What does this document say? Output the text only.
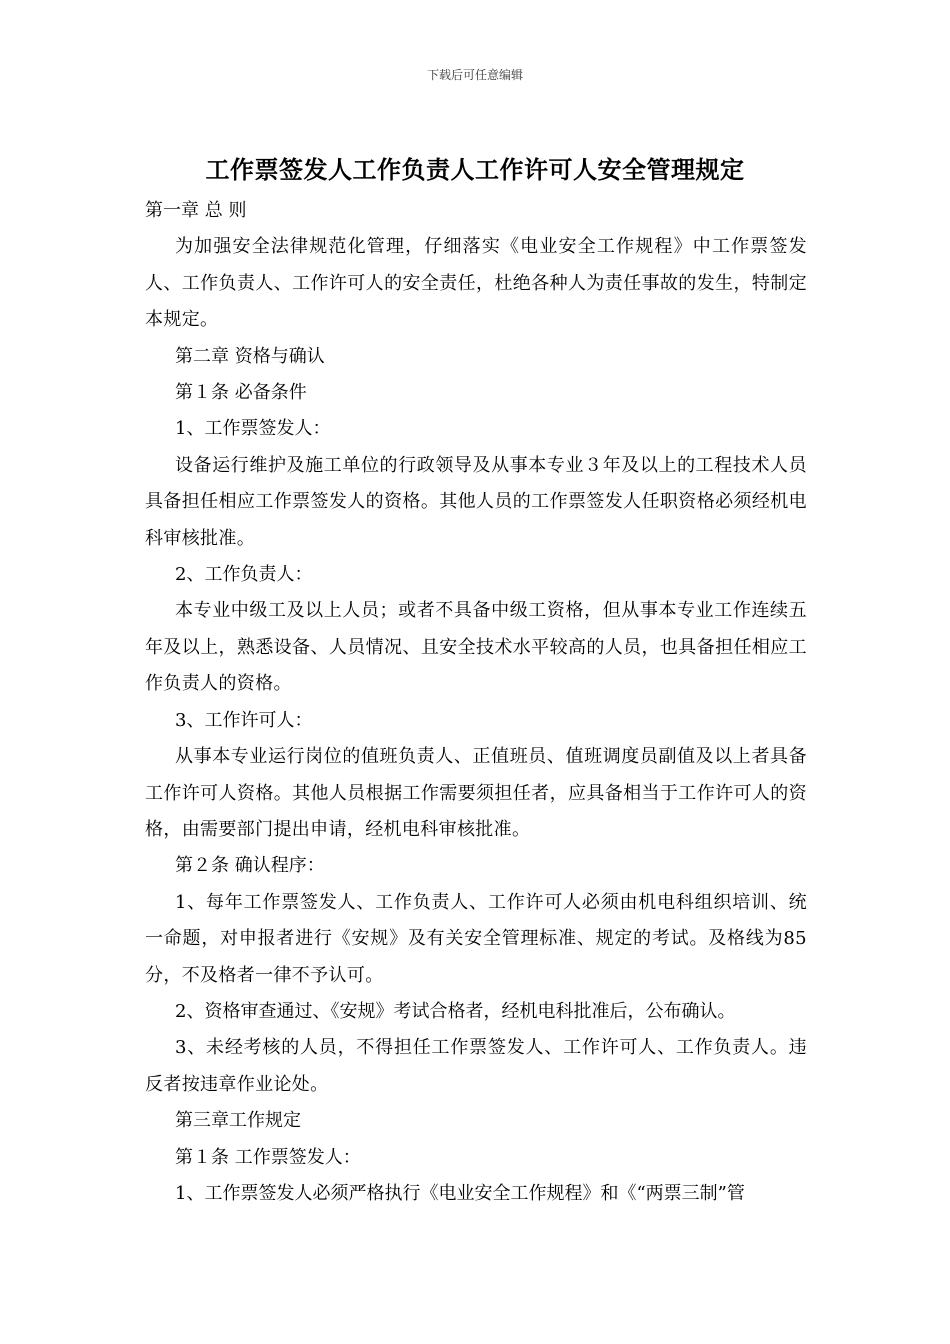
下载后可任意编辑
工作票签发人工作负责人工作许可人安全管理规定

第一章 总 则

为加强安全法律规范化管理，仔细落实《电业安全工作规程》中工作票签发人、工作负责人、工作许可人的安全责任，杜绝各种人为责任事故的发生，特制定本规定。

第二章 资格与确认

第１条 必备条件

1、工作票签发人：

设备运行维护及施工单位的行政领导及从事本专业３年及以上的工程技术人员具备担任相应工作票签发人的资格。其他人员的工作票签发人任职资格必须经机电科审核批准。

2、工作负责人：

本专业中级工及以上人员；或者不具备中级工资格，但从事本专业工作连续五年及以上，熟悉设备、人员情况、且安全技术水平较高的人员，也具备担任相应工作负责人的资格。

3、工作许可人：

从事本专业运行岗位的值班负责人、正值班员、值班调度员副值及以上者具备工作许可人资格。其他人员根据工作需要须担任者，应具备相当于工作许可人的资格，由需要部门提出申请，经机电科审核批准。

第２条 确认程序：

1、每年工作票签发人、工作负责人、工作许可人必须由机电科组织培训、统一命题，对申报者进行《安规》及有关安全管理标准、规定的考试。及格线为85分，不及格者一律不予认可。

2、资格审查通过、《安规》考试合格者，经机电科批准后，公布确认。

3、未经考核的人员，不得担任工作票签发人、工作许可人、工作负责人。违反者按违章作业论处。

第三章工作规定

第１条 工作票签发人：

1、工作票签发人必须严格执行《电业安全工作规程》和《“两票三制”管
